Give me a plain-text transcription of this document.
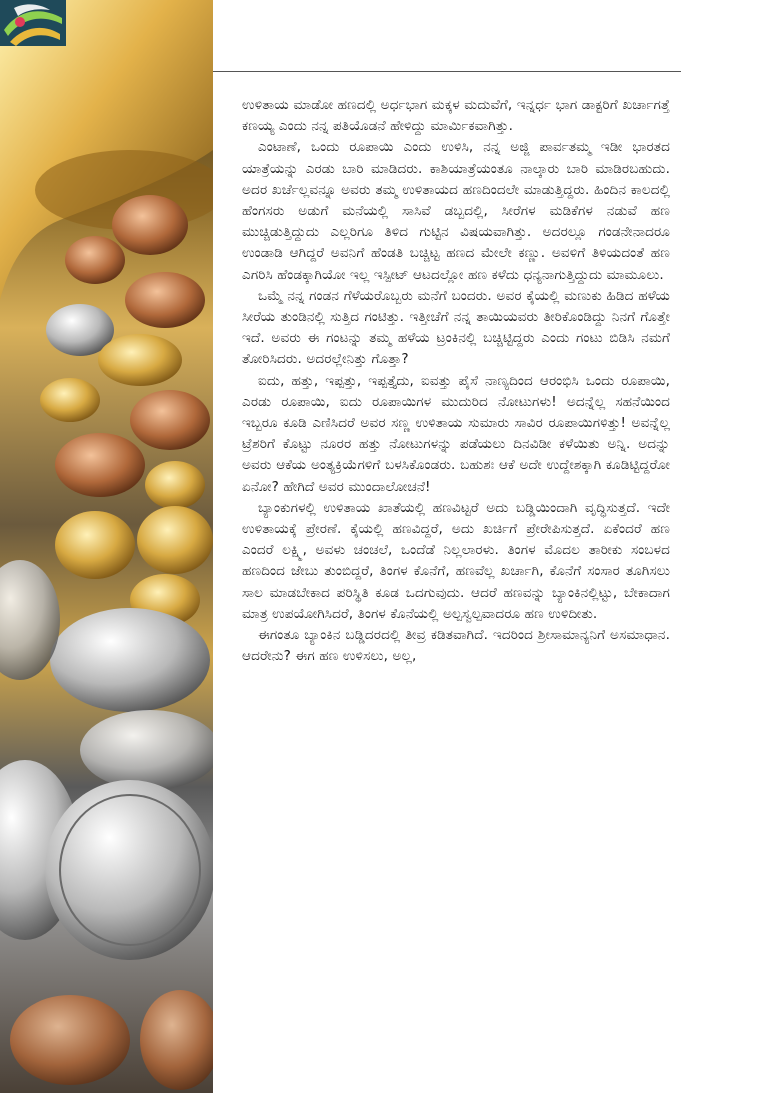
ಉಳಿತಾಯ ಮಾಡೋ ಹಣದಲ್ಲಿ ಅರ್ಧಭಾಗ ಮಕ್ಕಳ ಮದುವೆಗೆ, ಇನ್ನರ್ಧ ಭಾಗ ಡಾಕ್ಟರಿಗೆ ಖರ್ಚಾಗತ್ತೆ ಕಣಯ್ಯ ಎಂದು ನನ್ನ ಪತಿಯೊಡನೆ ಹೇಳಿದ್ದು ಮಾರ್ಮಿಕವಾಗಿತ್ತು.

ಎಂಟಾಣೆ, ಒಂದು ರೂಪಾಯಿ ಎಂದು ಉಳಿಸಿ, ನನ್ನ ಅಜ್ಜಿ ಪಾರ್ವತಮ್ಮ ಇಡೀ ಭಾರತದ ಯಾತ್ರೆಯನ್ನು ಎರಡು ಬಾರಿ ಮಾಡಿದರು. ಕಾಶಿಯಾತ್ರೆಯಂತೂ ನಾಲ್ಕಾರು ಬಾರಿ ಮಾಡಿರಬಹುದು. ಅದರ ಖರ್ಚೆಲ್ಲವನ್ನೂ ಅವರು ತಮ್ಮ ಉಳಿತಾಯದ ಹಣದಿಂದಲೇ ಮಾಡುತ್ತಿದ್ದರು. ಹಿಂದಿನ ಕಾಲದಲ್ಲಿ ಹೆಂಗಸರು ಅಡುಗೆ ಮನೆಯಲ್ಲಿ ಸಾಸಿವೆ ಡಬ್ಬದಲ್ಲಿ, ಸೀರೆಗಳ ಮಡಿಕೆಗಳ ನಡುವೆ ಹಣ ಮುಚ್ಚಿಡುತ್ತಿದ್ದುದು ಎಲ್ಲರಿಗೂ ತಿಳಿದ ಗುಟ್ಟಿನ ವಿಷಯವಾಗಿತ್ತು. ಅದರಲ್ಲೂ ಗಂಡನೇನಾದರೂ ಉಂಡಾಡಿ ಆಗಿದ್ದರೆ ಅವನಿಗೆ ಹೆಂಡತಿ ಬಚ್ಚಿಟ್ಟ ಹಣದ ಮೇಲೇ ಕಣ್ಣು. ಅವಳಿಗೆ ತಿಳಿಯದಂತೆ ಹಣ ಎಗರಿಸಿ ಹೆಂಡಕ್ಕಾಗಿಯೋ ಇಲ್ಲ ಇಸ್ಪೀಟ್ ಆಟದಲ್ಲೋ ಹಣ ಕಳೆದು ಧನ್ಯನಾಗುತ್ತಿದ್ದುದು ಮಾಮೂಲು.

ಒಮ್ಮೆ ನನ್ನ ಗಂಡನ ಗೆಳೆಯರೊಬ್ಬರು ಮನೆಗೆ ಬಂದರು. ಅವರ ಕೈಯಲ್ಲಿ ಮಣುಕು ಹಿಡಿದ ಹಳೆಯ ಸೀರೆಯ ತುಂಡಿನಲ್ಲಿ ಸುತ್ತಿದ ಗಂಟಿತ್ತು. ಇತ್ತೀಚೆಗೆ ನನ್ನ ತಾಯಿಯವರು ತೀರಿಕೊಂಡಿದ್ದು ನಿನಗೆ ಗೊತ್ತೇ ಇದೆ. ಅವರು ಈ ಗಂಟನ್ನು ತಮ್ಮ ಹಳೆಯ ಟ್ರಂಕಿನಲ್ಲಿ ಬಚ್ಚಿಟ್ಟಿದ್ದರು ಎಂದು ಗಂಟು ಬಿಡಿಸಿ ನಮಗೆ ತೋರಿಸಿದರು. ಅದರಲ್ಲೇನಿತ್ತು ಗೊತ್ತಾ?

ಐದು, ಹತ್ತು, ಇಪ್ಪತ್ತು, ಇಪ್ಪತ್ತೈದು, ಐವತ್ತು ಪೈಸೆ ನಾಣ್ಯದಿಂದ ಆರಂಭಿಸಿ ಒಂದು ರೂಪಾಯಿ, ಎರಡು ರೂಪಾಯಿ, ಐದು ರೂಪಾಯಿಗಳ ಮುದುರಿದ ನೋಟುಗಳು! ಅದನ್ನೆಲ್ಲ ಸಹನೆಯಿಂದ ಇಬ್ಬರೂ ಕೂಡಿ ಎಣಿಸಿದರೆ ಅವರ ಸಣ್ಣ ಉಳಿತಾಯ ಸುಮಾರು ಸಾವಿರ ರೂಪಾಯಿಗಳಿತ್ತು! ಅವನ್ನೆಲ್ಲ ಟ್ರೆಶರಿಗೆ ಕೊಟ್ಟು ನೂರರ ಹತ್ತು ನೋಟುಗಳನ್ನು ಪಡೆಯಲು ದಿನವಿಡೀ ಕಳೆಯಿತು ಅನ್ನಿ. ಅದನ್ನು ಅವರು ಆಕೆಯ ಅಂತ್ಯಕ್ರಿಯೆಗಳಿಗೆ ಬಳಸಿಕೊಂಡರು. ಬಹುಶಃ ಆಕೆ ಅದೇ ಉದ್ದೇಶಕ್ಕಾಗಿ ಕೂಡಿಟ್ಟಿದ್ದರೋ ಏನೋ? ಹೇಗಿದೆ ಅವರ ಮುಂದಾಲೋಚನೆ!

ಬ್ಯಾಂಕುಗಳಲ್ಲಿ ಉಳಿತಾಯ ಖಾತೆಯಲ್ಲಿ ಹಣವಿಟ್ಟರೆ ಅದು ಬಡ್ಡಿಯಿಂದಾಗಿ ವೃದ್ಧಿಸುತ್ತದೆ. ಇದೇ ಉಳಿತಾಯಕ್ಕೆ ಪ್ರೇರಣೆ. ಕೈಯಲ್ಲಿ ಹಣವಿದ್ದರೆ, ಅದು ಖರ್ಚಿಗೆ ಪ್ರೇರೇಪಿಸುತ್ತದೆ. ಏಕೆಂದರೆ ಹಣ ಎಂದರೆ ಲಕ್ಷ್ಮಿ, ಅವಳು ಚಂಚಲೆ, ಒಂದೆಡೆ ನಿಲ್ಲಲಾರಳು. ತಿಂಗಳ ಮೊದಲ ತಾರೀಕು ಸಂಬಳದ ಹಣದಿಂದ ಜೇಬು ತುಂಬಿದ್ದರೆ, ತಿಂಗಳ ಕೊನೆಗೆ, ಹಣವೆಲ್ಲ ಖರ್ಚಾಗಿ, ಕೊನೆಗೆ ಸಂಸಾರ ತೂಗಿಸಲು ಸಾಲ ಮಾಡಬೇಕಾದ ಪರಿಸ್ಥಿತಿ ಕೂಡ ಒದಗುವುದು. ಆದರೆ ಹಣವನ್ನು ಬ್ಯಾಂಕಿನಲ್ಲಿಟ್ಟು, ಬೇಕಾದಾಗ ಮಾತ್ರ ಉಪಯೋಗಿಸಿದರೆ, ತಿಂಗಳ ಕೊನೆಯಲ್ಲಿ ಅಲ್ಪಸ್ವಲ್ಪವಾದರೂ ಹಣ ಉಳಿದೀತು.

ಈಗಂತೂ ಬ್ಯಾಂಕಿನ ಬಡ್ಡಿದರದಲ್ಲಿ ತೀವ್ರ ಕಡಿತವಾಗಿದೆ. ಇದರಿಂದ ಶ್ರೀಸಾಮಾನ್ಯನಿಗೆ ಅಸಮಾಧಾನ. ಆದರೇನು? ಈಗ ಹಣ ಉಳಿಸಲು, ಅಲ್ಲ,
